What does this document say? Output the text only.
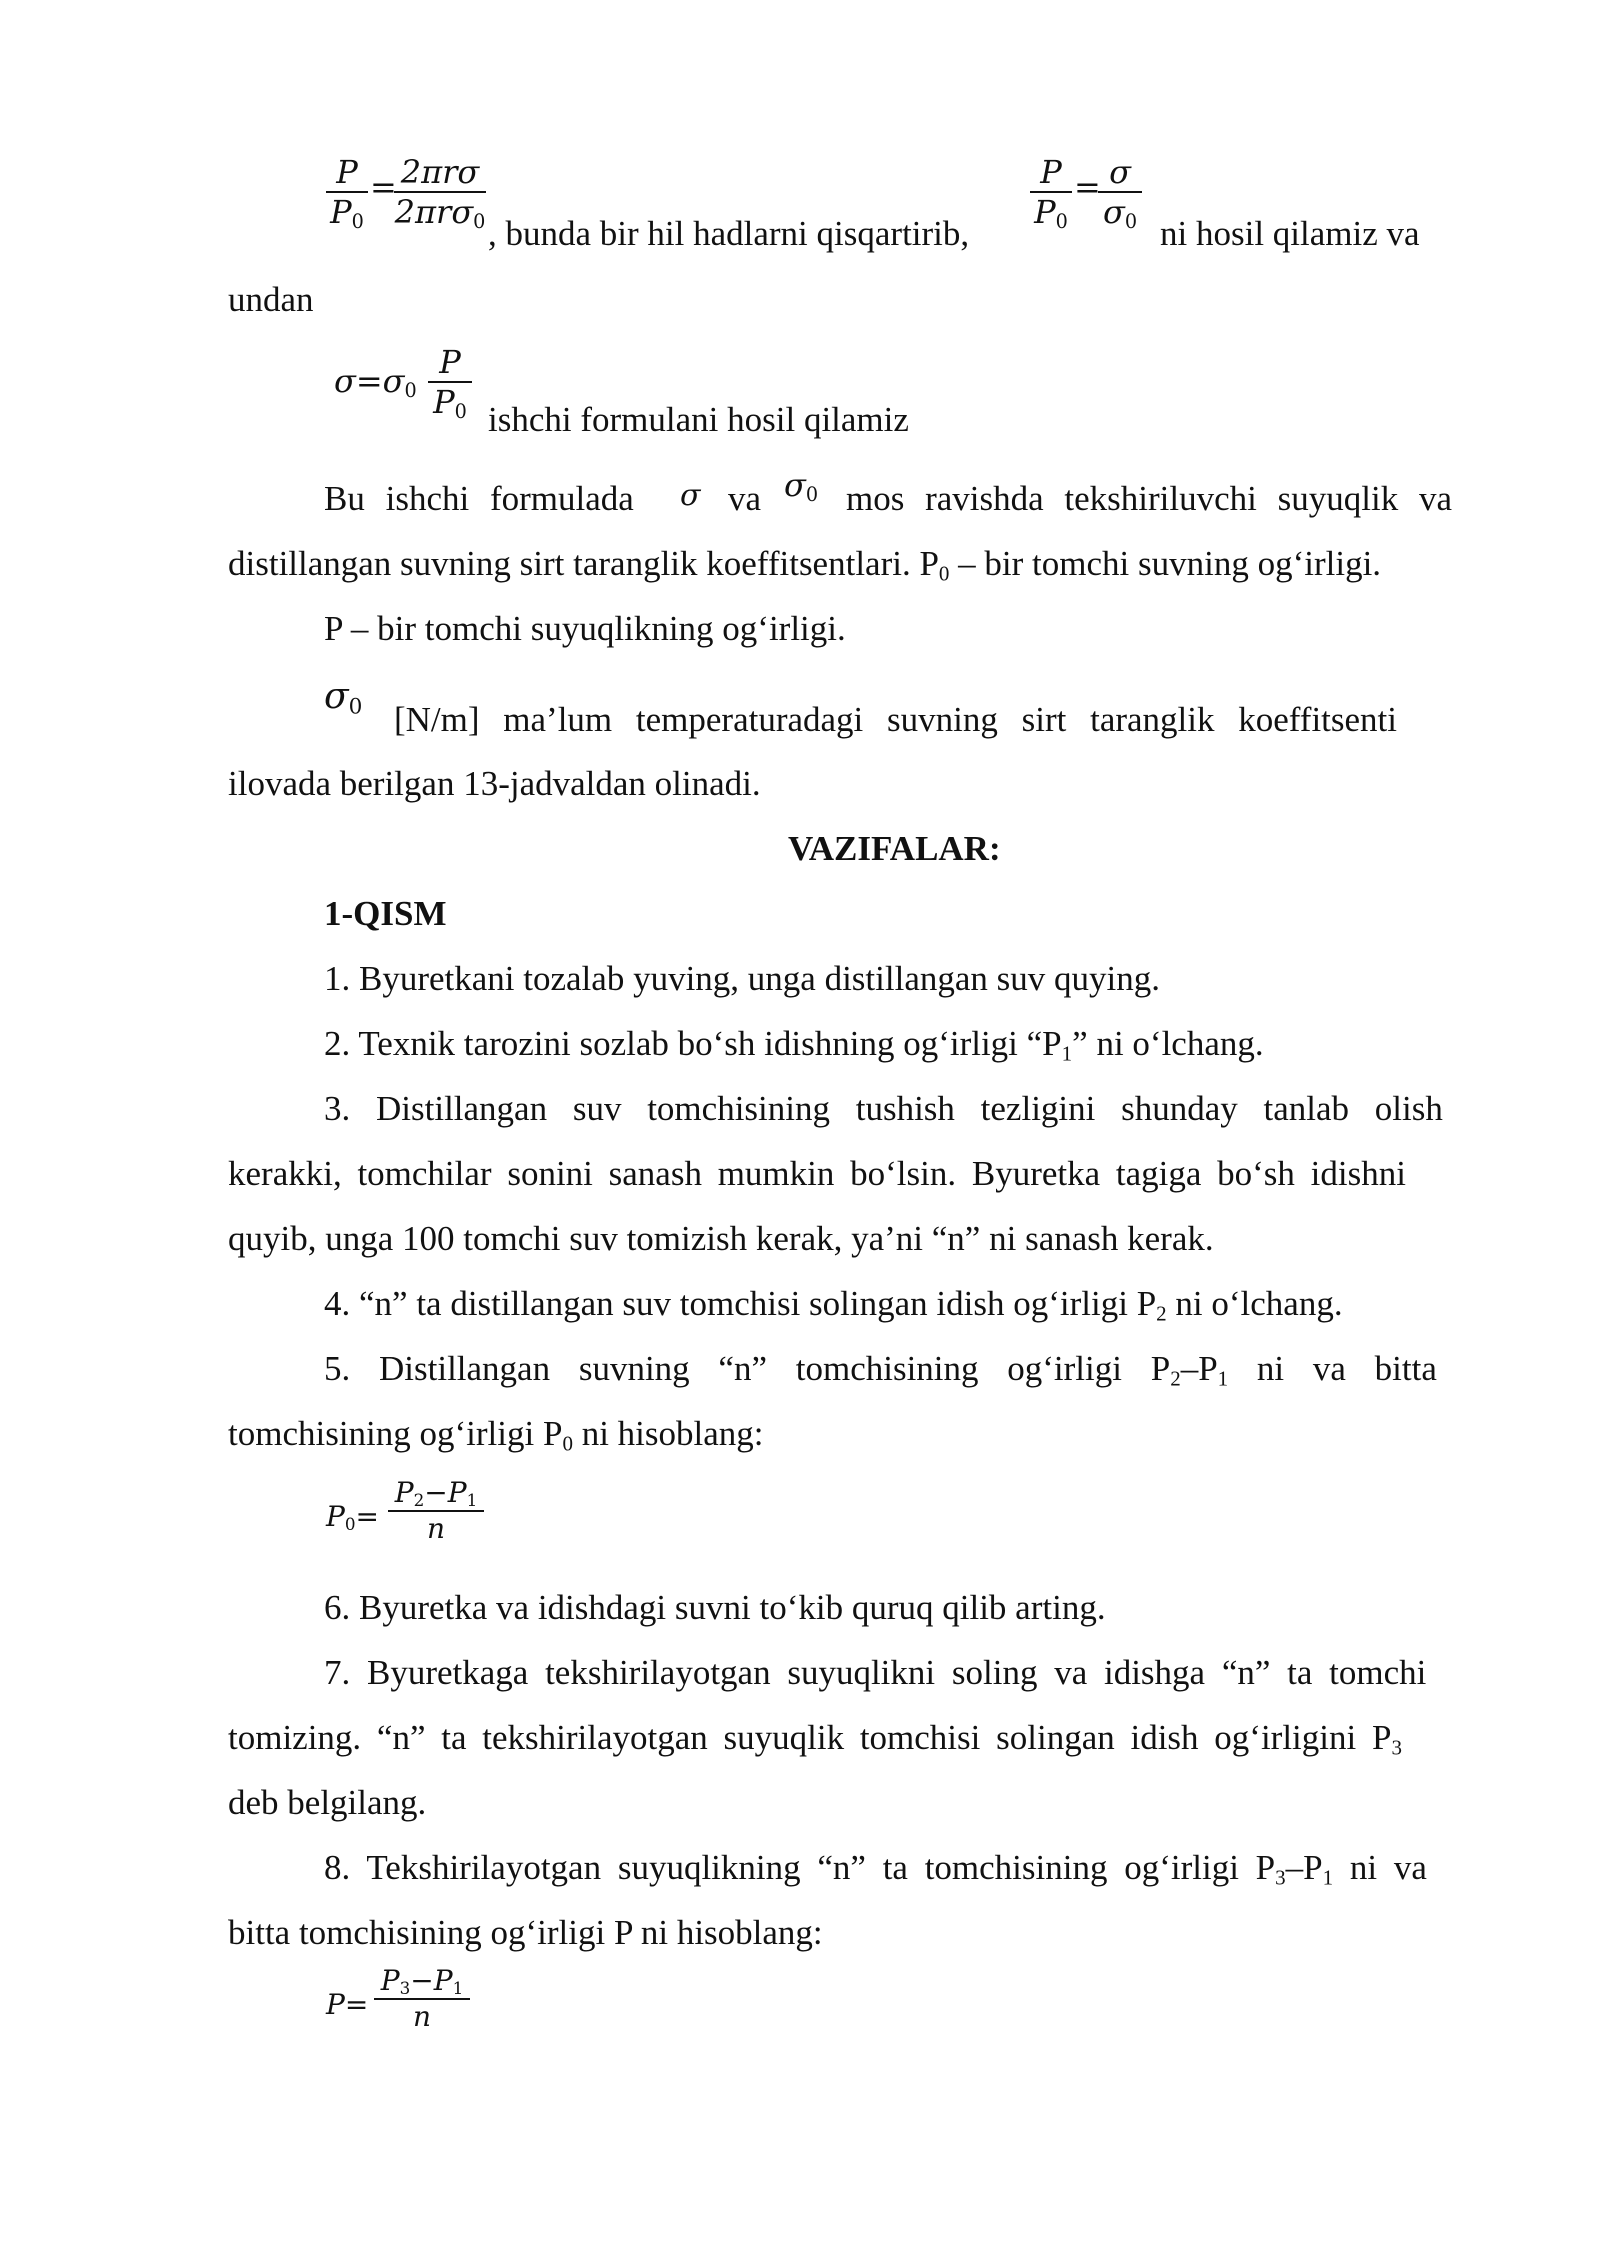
P
$P_0$
= 2πrσ
2πrσ$_0$ , bunda bir hil hadlarni qisqartirib,
P
$P_0$
= σ
$\sigma_0$ ni hosil qilamiz va
undan
$\sigma=\sigma_0$
P
$P_0$ ishchi formulani hosil qilamiz
Bu ishchi formulada σ va $\sigma_0$ mos ravishda tekshiriluvchi suyuqlik va
distillangan suvning sirt taranglik koeffitsentlari. $P_0$ – bir tomchi suvning og‘irligi.
P – bir tomchi suyuqlikning og‘irligi.
$\sigma_0$ [N/m] ma’lum temperaturadagi suvning sirt taranglik koeffitsenti
ilovada berilgan 13-jadvaldan olinadi.
VAZIFALAR:
1-QISM
1. Byuretkani tozalab yuving, unga distillangan suv quying.
2. Texnik tarozini sozlab bo‘sh idishning og‘irligi “$P_1$” ni o‘lchang.
3. Distillangan suv tomchisining tushish tezligini shunday tanlab olish
kerakki, tomchilar sonini sanash mumkin bo‘lsin. Byuretka tagiga bo‘sh idishni
quyib, unga 100 tomchi suv tomizish kerak, ya’ni “n” ni sanash kerak.
4. “n” ta distillangan suv tomchisi solingan idish og‘irligi $P_2$ ni o‘lchang.
5. Distillangan suvning “n” tomchisining og‘irligi $P_2-P_1$ ni va bitta
tomchisining og‘irligi $P_0$ ni hisoblang:
$P_0=$
$P_2-P_1$
n
6. Byuretka va idishdagi suvni to‘kib quruq qilib arting.
7. Byuretkaga tekshirilayotgan suyuqlikni soling va idishga “n” ta tomchi
tomizing. “n” ta tekshirilayotgan suyuqlik tomchisi solingan idish og‘irligini $P_3$
deb belgilang.
8. Tekshirilayotgan suyuqlikning “n” ta tomchisining og‘irligi $P_3-P_1$ ni va
bitta tomchisining og‘irligi P ni hisoblang:
P=
$P_3-P_1$
n
